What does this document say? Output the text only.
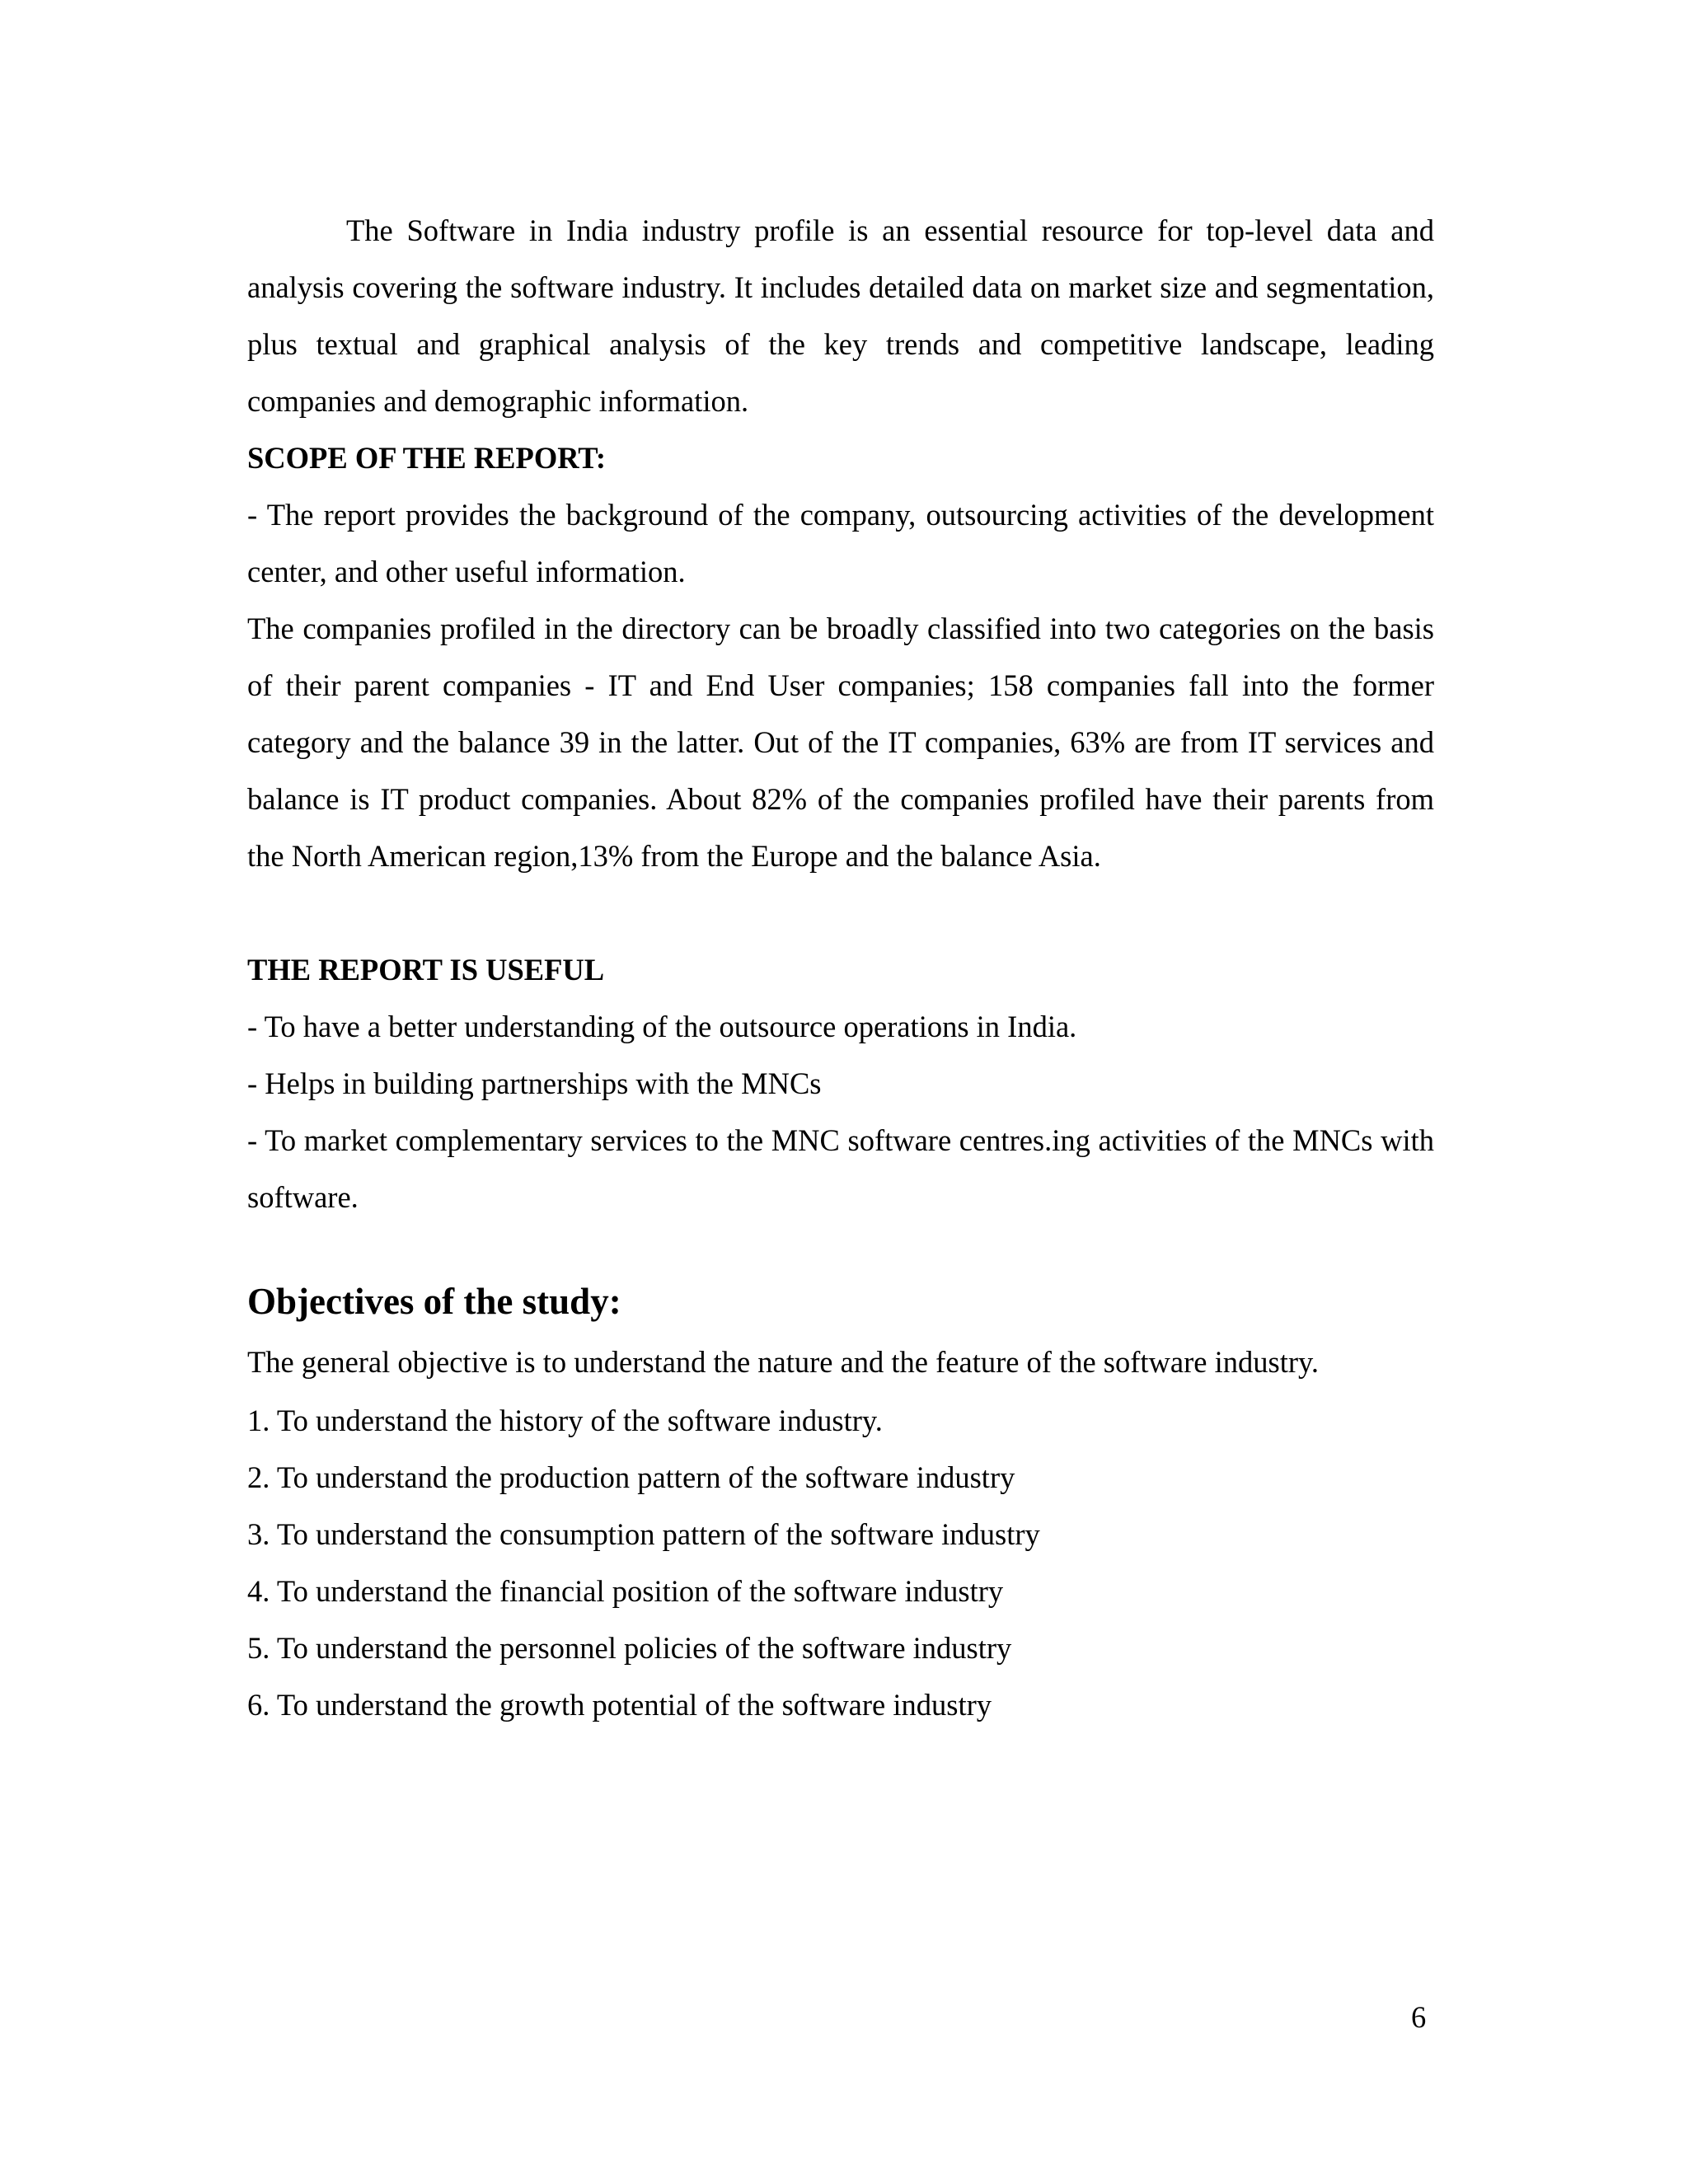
The Software in India industry profile is an essential resource for top-level data and analysis covering the software industry. It includes detailed data on market size and segmentation, plus textual and graphical analysis of the key trends and competitive landscape, leading companies and demographic information.

SCOPE OF THE REPORT:

- The report provides the background of the company, outsourcing activities of the development center, and other useful information.

The companies profiled in the directory can be broadly classified into two categories on the basis of their parent companies - IT and End User companies; 158 companies fall into the former category and the balance 39 in the latter. Out of the IT companies, 63% are from IT services and balance is IT product companies. About 82% of the companies profiled have their parents from the North American region,13% from the Europe and the balance Asia.

THE REPORT IS USEFUL

- To have a better understanding of the outsource operations in India.

- Helps in building partnerships with the MNCs

- To market complementary services to the MNC software centres.ing activities of the MNCs with software.

Objectives of the study:

The general objective is to understand the nature and the feature of the software industry.

1. To understand the history of the software industry.

2. To understand the production pattern of the software industry

3. To understand the consumption pattern of the software industry

4. To understand the financial position of the software industry

5. To understand the personnel policies of the software industry

6. To understand the growth potential of the software industry

6
